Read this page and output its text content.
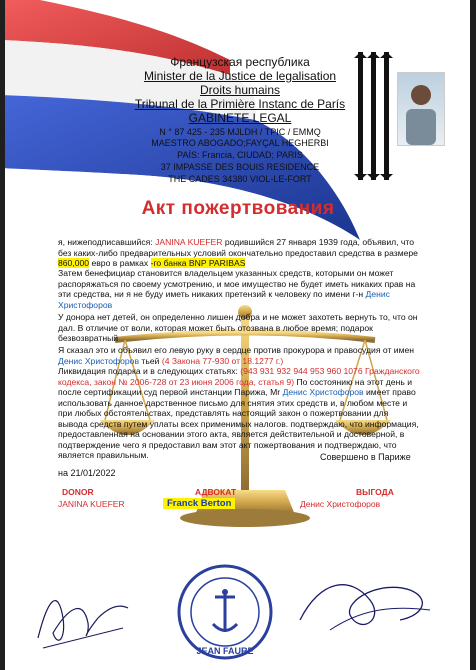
Французская республика
Minister de la Justice de legalisation
Droits humains
Tribunal de la Primière Instanc de París
GABINETE LEGAL
N ° 87 425 - 235 MJLDH / TPIC / EMMQ
MAESTRO ABOGADO;FAYÇAL HEGHERBI
PAÍS: Francia, CIUDAD; PARIS
37 IMPASSE DES BOUIS RESIDENCE
THE CADES 34380 VIOL-LE-FORT
Акт пожертвования
я, нижеподписавшийся: JANINA KUEFER родившийся 27 января 1939 года, объявил, что без каких-либо предварительных условий окончательно предоставил средства в размере 860,000 евро в рамках -го банка BNP PARIBAS
Затем бенефициар становится владельцем указанных средств, которыми он может распоряжаться по своему усмотрению, и мое имущество не будет иметь никаких прав на эти средства, ни я не буду иметь никаких претензий к человеку по имени г-н Денис Христофоров
У донора нет детей, он определенно лишен добра и не может захотеть вернуть то, что он дал. В отличие от воли, которая может быть отозвана в любое время; подарок безвозвратный
Я сказал это и объявил его левую руку в сердце против прокурора и правосудия от имен Денис Христофоров тьей (4 Закона 77-930 от 18.1277 г.)
Ликвидация подарка и в следующих статьях: (943 931 932 944 953 960 1076 Гражданского кодекса, закон № 2006-728 от 23 июня 2006 года, статья 9) По состоянию на этот день и после сертификации суд первой инстанции Парижа, Mr Денис Христофоров имеет право использовать данное дарственное письмо для снятия этих средств и, в любом месте и при любых обстоятельствах, представлять настоящий закон о пожертвовании для вывода средств путем уплаты всех применимых налогов. подтверждаю, что информация, предоставленная на основании этого акта, является действительной и достоверной, в подтверждение чего я предоставил вам этот акт пожертвования и подтверждаю, что является правильным.	Совершено в Париже
на 21/01/2022
DONOR
JANINA KUEFER
АДВОКАТ
Franck Berton
ВЫГОДА
Денис Христофоров
JEAN FAURE
